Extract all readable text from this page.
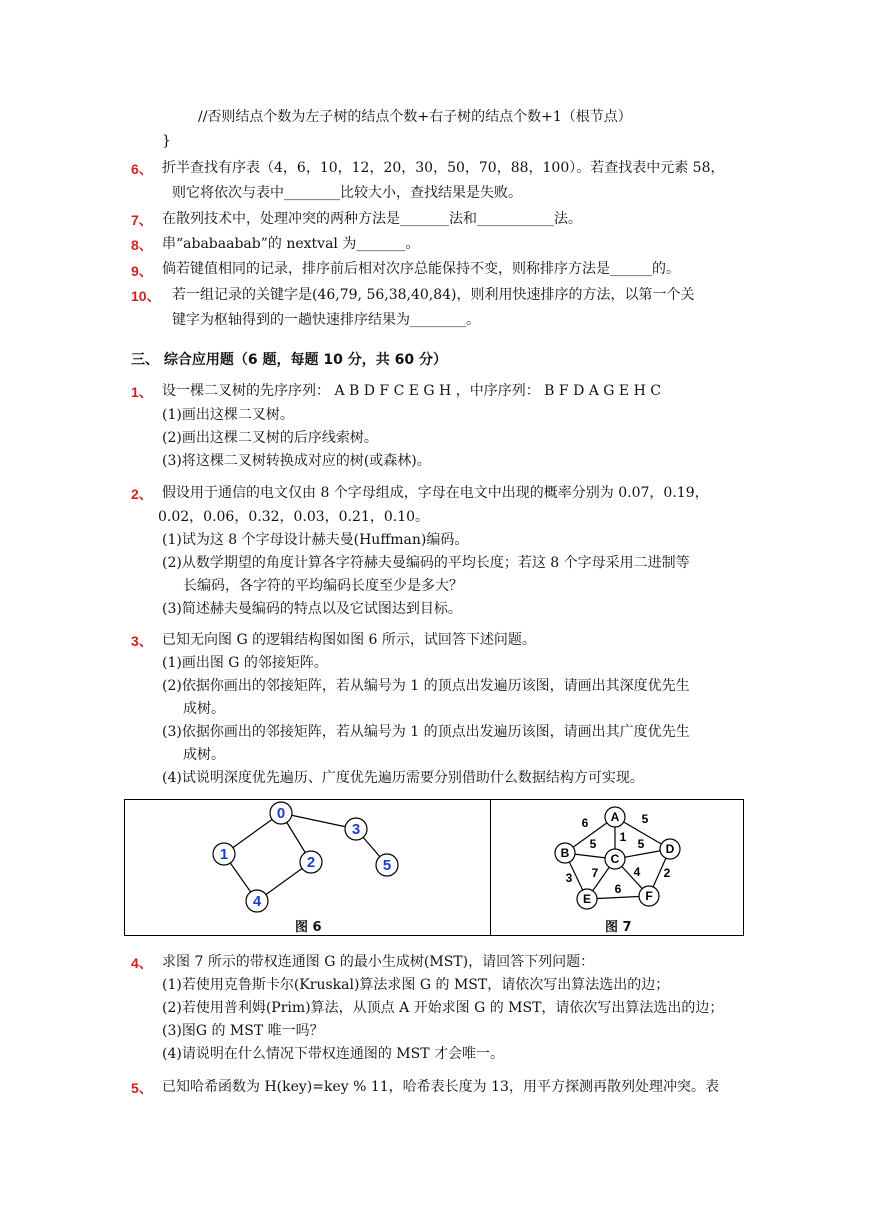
//否则结点个数为左子树的结点个数+右子树的结点个数+1（根节点）
}
6、 折半查找有序表（4，6，10，12，20，30，50，70，88，100）。若查找表中元素 58，
则它将依次与表中________比较大小，查找结果是失败。
7、 在散列技术中，处理冲突的两种方法是_______法和___________法。
8、 串“ababaabab”的 nextval 为_______。
9、 倘若键值相同的记录，排序前后相对次序总能保持不变，则称排序方法是______的。
10、 若一组记录的关键字是(46,79, 56,38,40,84)，则利用快速排序的方法，以第一个关
键字为枢轴得到的一趟快速排序结果为________。
三、 综合应用题（6 题，每题 10 分，共 60 分）
1、 设一棵二叉树的先序序列： A B D F C E G H ，中序序列： B F D A G E H C
(1)画出这棵二叉树。
(2)画出这棵二叉树的后序线索树。
(3)将这棵二叉树转换成对应的树(或森林)。
2、 假设用于通信的电文仅由 8 个字母组成，字母在电文中出现的概率分别为 0.07，0.19，
0.02，0.06，0.32，0.03，0.21，0.10。
(1)试为这 8 个字母设计赫夫曼(Huffman)编码。
(2)从数学期望的角度计算各字符赫夫曼编码的平均长度；若这 8 个字母采用二进制等
长编码，各字符的平均编码长度至少是多大？
(3)简述赫夫曼编码的特点以及它试图达到目标。
3、 已知无向图 G 的逻辑结构图如图 6 所示，试回答下述问题。
(1)画出图 G 的邻接矩阵。
(2)依据你画出的邻接矩阵，若从编号为 1 的顶点出发遍历该图，请画出其深度优先生
成树。
(3)依据你画出的邻接矩阵，若从编号为 1 的顶点出发遍历该图，请画出其广度优先生
成树。
(4)试说明深度优先遍历、广度优先遍历需要分别借助什么数据结构方可实现。
0
1	2
3
4
5
图 6
A
B	C
D
E	F
6
5 1
5
5
3 7	4 2
6
图 7
4、 求图 7 所示的带权连通图 G 的最小生成树(MST)，请回答下列问题：
(1)若使用克鲁斯卡尔(Kruskal)算法求图 G 的 MST，请依次写出算法选出的边；
(2)若使用普利姆(Prim)算法，从顶点 A 开始求图 G 的 MST，请依次写出算法选出的边；
(3)图G 的 MST 唯一吗？
(4)请说明在什么情况下带权连通图的 MST 才会唯一。
5、 已知哈希函数为 H(key)=key % 11，哈希表长度为 13，用平方探测再散列处理冲突。表
